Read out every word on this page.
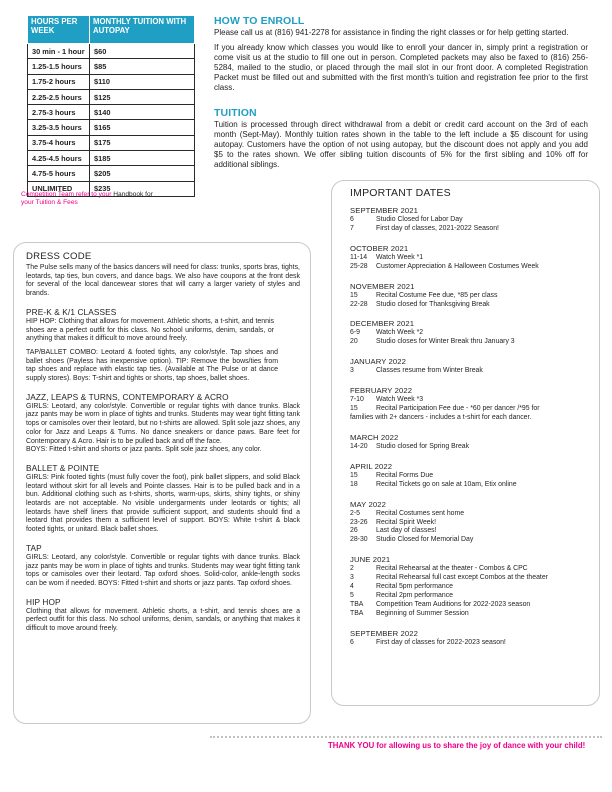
HOURS PER WEEK	MONTHLY TUITION WITH AUTOPAY
30 min - 1 hour	$60
1.25-1.5 hours	$85
1.75-2 hours	$110
2.25-2.5 hours	$125
2.75-3 hours	$140
3.25-3.5 hours	$165
3.75-4 hours	$175
4.25-4.5 hours	$185
4.75-5 hours	$205
UNLIMITED	$235
Competition Team refer to your Handbook for
your Tuition & Fees
HOW TO ENROLL

Please call us at (816) 941-2278 for assistance in finding the right classes or for help getting started.

If you already know which classes you would like to enroll your dancer in, simply print a registration or come visit us at the studio to fill one out in person. Completed packets may also be faxed to (816) 256-5284, mailed to the studio, or placed through the mail slot in our front door. A completed Registration Packet must be filled out and submitted with the first month's tuition and registration fee prior to the first class.

TUITION

Tuition is processed through direct withdrawal from a debit or credit card account on the 3rd of each month (Sept-May). Monthly tuition rates shown in the table to the left include a $5 discount for using autopay. Customers have the option of not using autopay, but the discount does not apply and you add $5 to the rates shown. We offer sibling tuition discounts of 5% for the first sibling and 10% off for additional siblings.

DRESS CODE
The Pulse sells many of the basics dancers will need for class: trunks, sports bras, tights, leotards, tap ties, bun covers, and dance bags. We also have coupons at the front desk for several of the local dancewear stores that will carry a larger variety of styles and brands.
PRE-K & K/1 CLASSES
HIP HOP: Clothing that allows for movement. Athletic shorts, a t-shirt, and tennis shoes are a perfect outfit for this class. No school uniforms, denim, sandals, or anything that makes it difficult to move around freely.
TAP/BALLET COMBO: Leotard & footed tights, any color/style. Tap shoes and ballet shoes (Payless has inexpensive option). TIP: Remove the bows/ties from tap shoes and replace with elastic tap ties. (Available at The Pulse or at dance supply stores). Boys: T-shirt and tights or shorts, tap shoes, ballet shoes.
JAZZ, LEAPS & TURNS, CONTEMPORARY & ACRO
GIRLS: Leotard, any color/style. Convertible or regular tights with dance trunks. Black jazz pants may be worn in place of tights and trunks. Students may wear tight fitting tank tops or camisoles over their leotard, but no t-shirts are allowed. Split sole jazz shoes, any color for Jazz and Leaps & Turns. No dance sneakers or dance paws. Bare feet for Contemporary & Acro. Hair is to be pulled back and off the face.
BOYS: Fitted t-shirt and shorts or jazz pants. Split sole jazz shoes, any color.
BALLET & POINTE
GIRLS: Pink footed tights (must fully cover the foot), pink ballet slippers, and solid Black leotard without skirt for all levels and Pointe classes. Hair is to be pulled back and in a bun. Additional clothing such as t-shirts, shorts, warm-ups, skirts, shiny tights, or shiny leotards are not acceptable. No visible undergarments under leotards or tights; all leotards have shelf liners that provide sufficient support, and students should find a leotard that provides them a sufficient level of support. BOYS: White t-shirt & black footed tights, or unitard. Black ballet shoes.
TAP
GIRLS: Leotard, any color/style. Convertible or regular tights with dance trunks. Black jazz pants may be worn in place of tights and trunks. Students may wear tight fitting tank tops or camisoles over their leotard. Tap oxford shoes. Solid-color, ankle-length socks can be worn if needed. BOYS: Fitted t-shirt and shorts or jazz pants. Tap oxford shoes.
HIP HOP
Clothing that allows for movement. Athletic shorts, a t-shirt, and tennis shoes are a perfect outfit for this class. No school uniforms, denim, sandals, or anything that makes it difficult to move around freely.
IMPORTANT DATES
SEPTEMBER 2021
6	Studio Closed for Labor Day
7	First day of classes, 2021-2022 Season!
OCTOBER 2021
11-14	Watch Week *1
25-28	Customer Appreciation & Halloween Costumes Week
NOVEMBER 2021
15	Recital Costume Fee due, *85 per class
22-28	Studio closed for Thanksgiving Break
DECEMBER 2021
6-9	Watch Week *2
20	Studio closes for Winter Break thru January 3
JANUARY 2022
3	Classes resume from Winter Break
FEBRUARY 2022
7-10	Watch Week *3
15	Recital Participation Fee due - *60 per dancer /*95 for
families with 2+ dancers - includes a t-shirt for each dancer.
MARCH 2022
14-20	Studio closed for Spring Break
APRIL 2022
15	Recital Forms Due
18	Recital Tickets go on sale at 10am, Etix online
MAY 2022
2-5	Recital Costumes sent home
23-26	Recital Spirit Week!
26	Last day of classes!
28-30	Studio Closed for Memorial Day
JUNE 2021
2	Recital Rehearsal at the theater - Combos & CPC
3	Recital Rehearsal full cast except Combos at the theater
4	Recital 5pm performance
5	Recital 2pm performance
TBA	Competition Team Auditions for 2022-2023 season
TBA	Beginning of Summer Session
SEPTEMBER 2022
6	First day of classes for 2022-2023 season!
THANK YOU for allowing us to share the joy of dance with your child!
